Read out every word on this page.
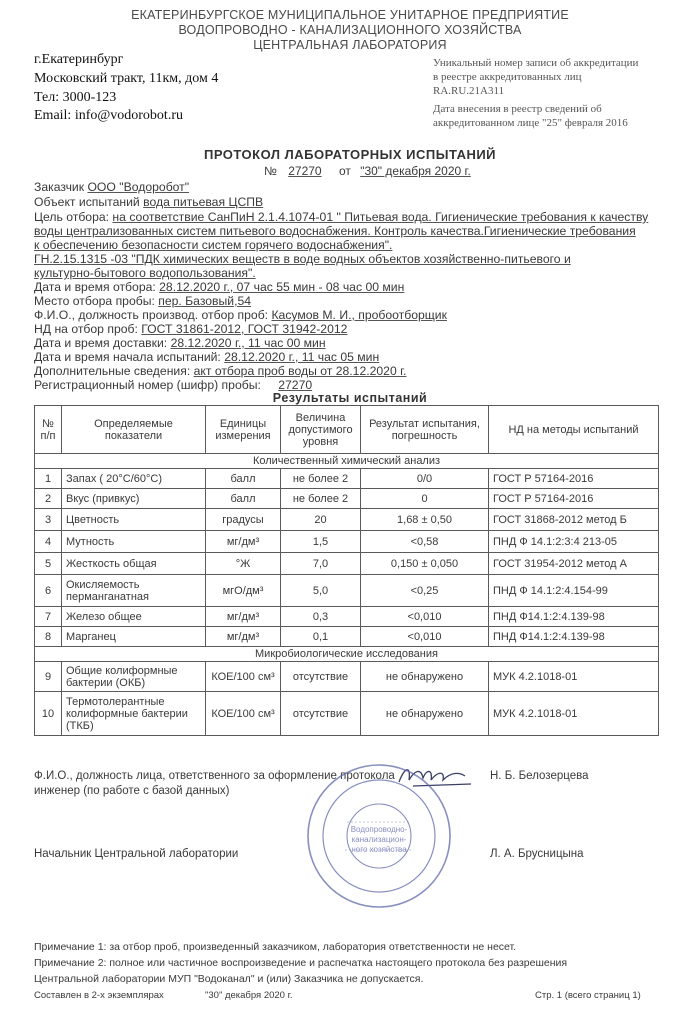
ЕКАТЕРИНБУРГСКОЕ МУНИЦИПАЛЬНОЕ УНИТАРНОЕ ПРЕДПРИЯТИЕ
ВОДОПРОВОДНО - КАНАЛИЗАЦИОННОГО ХОЗЯЙСТВА
ЦЕНТРАЛЬНАЯ ЛАБОРАТОРИЯ
г.Екатеринбург
Московский тракт, 11км, дом 4
Тел: 3000-123
Email: info@vodorobot.ru
Уникальный номер записи об аккредитации
в реестре аккредитованных лиц
RA.RU.21A311
Дата внесения в реестр сведений об
аккредитованном лице "25" февраля 2016
ПРОТОКОЛ ЛАБОРАТОРНЫХ ИСПЫТАНИЙ
№ 27270 от "30" декабря 2020 г.
Заказчик ООО "Водоробот"
Объект испытаний вода питьевая ЦСПВ
Цель отбора: на соответствие СанПиН 2.1.4.1074-01 " Питьевая вода. Гигиенические требования к качеству
воды централизованных систем питьевого водоснабжения. Контроль качества.Гигиенические требования
к обеспечению безопасности систем горячего водоснабжения".
ГН.2.15.1315 -03 "ПДК химических веществ в воде водных объектов хозяйственно-питьевого и
культурно-бытового водопользования".
Дата и время отбора: 28.12.2020 г., 07 час 55 мин - 08 час 00 мин
Место отбора пробы: пер. Базовый,54
Ф.И.О., должность производ. отбор проб: Касумов М. И., пробоотборщик
НД на отбор проб: ГОСТ 31861-2012, ГОСТ 31942-2012
Дата и время доставки: 28.12.2020 г., 11 час 00 мин
Дата и время начала испытаний: 28.12.2020 г., 11 час 05 мин
Дополнительные сведения: акт отбора проб воды от 28.12.2020 г.
Регистрационный номер (шифр) пробы: 27270
Результаты испытаний
№ п/п	Определяемые показатели	Единицы измерения	Величина допустимого уровня	Результат испытания, погрешность	НД на методы испытаний
Количественный химический анализ					
1	Запах ( 20°С/60°С)	балл	не более 2	0/0	ГОСТ Р 57164-2016
2	Вкус (привкус)	балл	не более 2	0	ГОСТ Р 57164-2016
3	Цветность	градусы	20	1,68 ± 0,50	ГОСТ 31868-2012 метод Б
4	Мутность	мг/дм³	1,5	<0,58	ПНД Ф 14.1:2:3:4 213-05
5	Жесткость общая	°Ж	7,0	0,150 ± 0,050	ГОСТ 31954-2012 метод А
6	Окисляемость перманганатная	мгО/дм³	5,0	<0,25	ПНД Ф 14.1:2:4.154-99
7	Железо общее	мг/дм³	0,3	<0,010	ПНД Ф14.1:2:4.139-98
8	Марганец	мг/дм³	0,1	<0,010	ПНД Ф14.1:2:4.139-98
Микробиологические исследования					
9	Общие колиформные бактерии (ОКБ)	КОЕ/100 см³	отсутствие	не обнаружено	МУК 4.2.1018-01
10	Термотолерантные колиформные бактерии (ТКБ)	КОЕ/100 см³	отсутствие	не обнаружено	МУК 4.2.1018-01
Ф.И.О., должность лица, ответственного за оформление протокола
инженер (по работе с базой данных)
Н. Б. Белозерцева
Водопроводно-
канализацион-
ного хозяйства
Начальник Центральной лаборатории	Л. А. Брусницына
Примечание 1: за отбор проб, произведенный заказчиком, лаборатория ответственности не несет.
Примечание 2: полное или частичное воспроизведение и распечатка настоящего протокола без разрешения
Центральной лаборатории МУП "Водоканал" и (или) Заказчика не допускается.
Составлен в 2-х экземплярах	"30" декабря 2020 г.	Стр. 1 (всего страниц 1)
